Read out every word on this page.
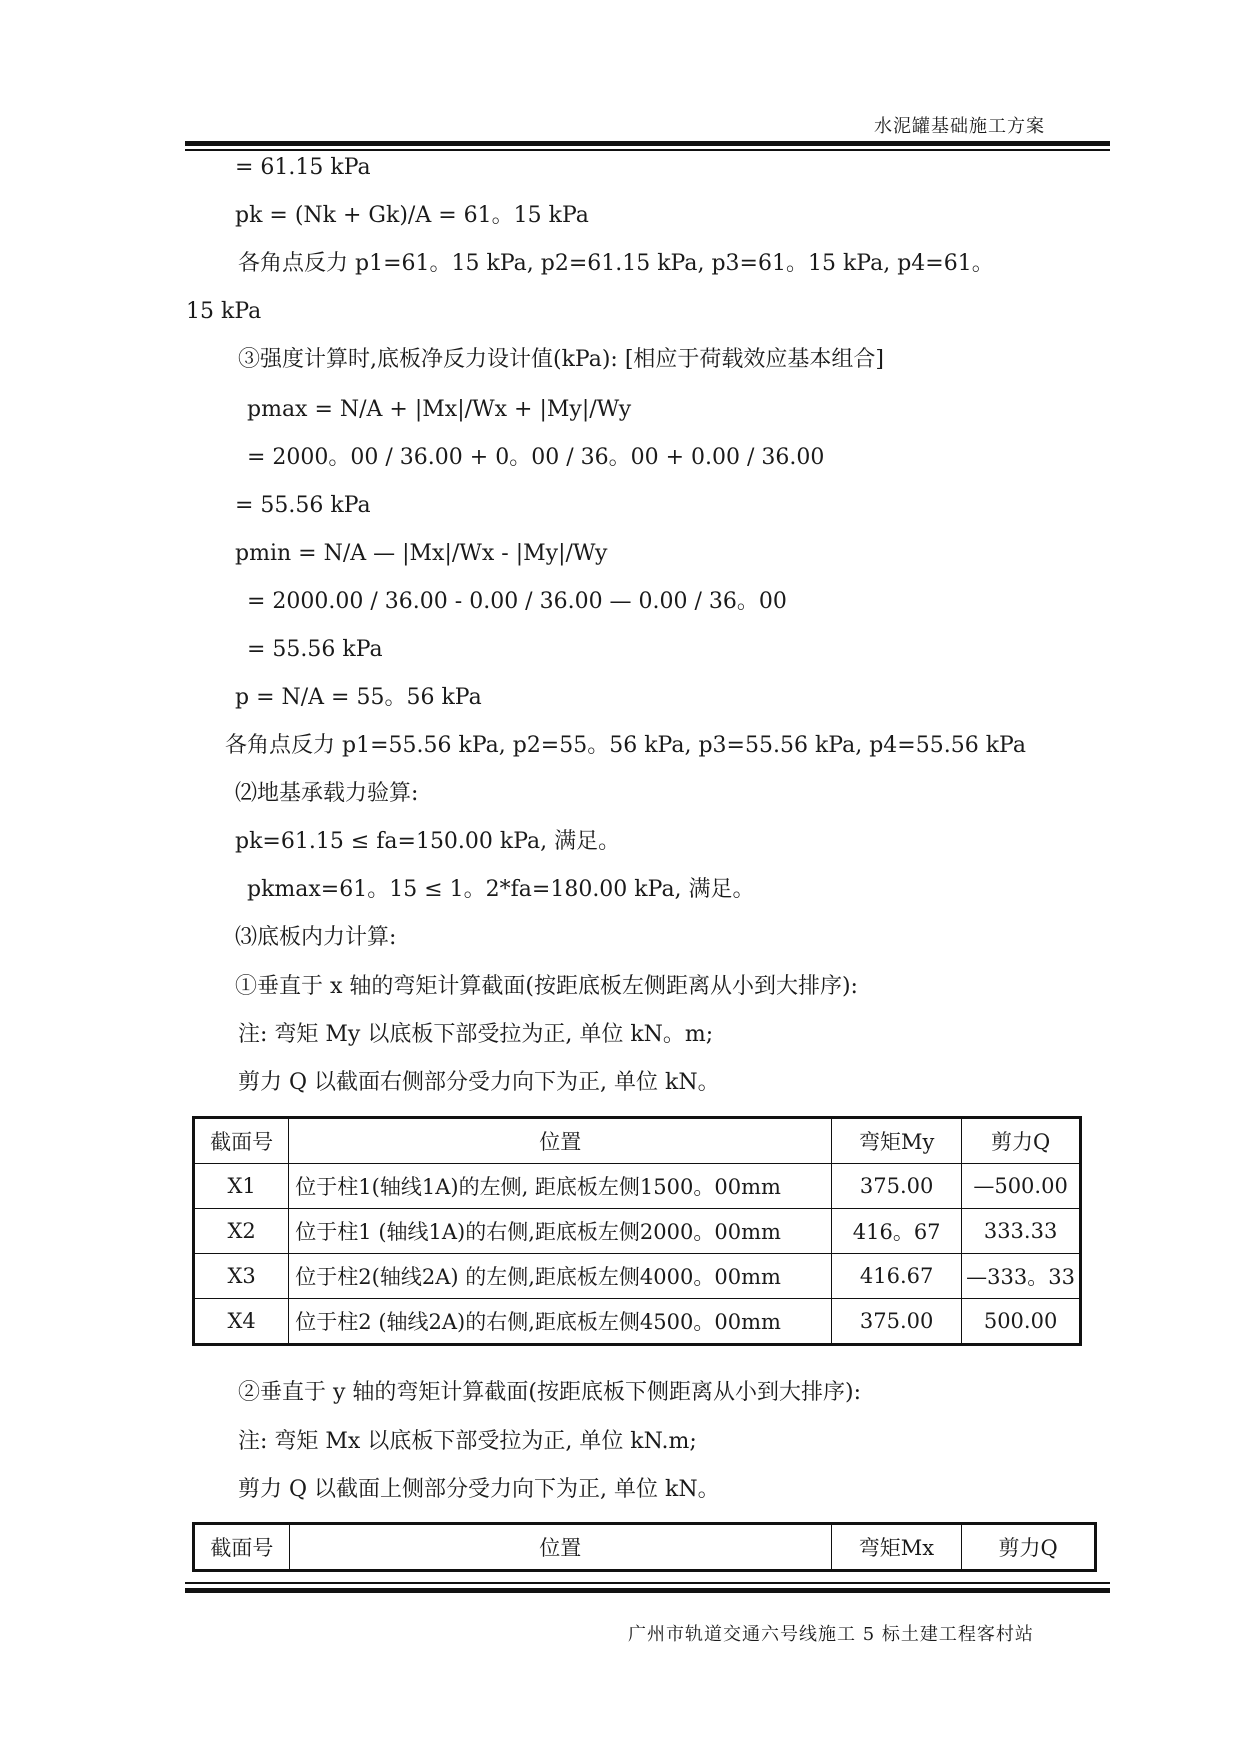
水泥罐基础施工方案
= 61.15 kPa
pk = (Nk + Gk)/A = 61。15 kPa
各角点反力 p1=61。15 kPa, p2=61.15 kPa, p3=61。15 kPa, p4=61。
15 kPa
③强度计算时,底板净反力设计值(kPa): [相应于荷载效应基本组合]
pmax = N/A + |Mx|/Wx + |My|/Wy
= 2000。00 / 36.00 + 0。00 / 36。00 + 0.00 / 36.00
= 55.56 kPa
pmin = N/A — |Mx|/Wx - |My|/Wy
= 2000.00 / 36.00 - 0.00 / 36.00 — 0.00 / 36。00
= 55.56 kPa
p = N/A = 55。56 kPa
各角点反力 p1=55.56 kPa, p2=55。56 kPa, p3=55.56 kPa, p4=55.56 kPa
⑵地基承载力验算:
pk=61.15 ≤ fa=150.00 kPa, 满足。
pkmax=61。15 ≤ 1。2*fa=180.00 kPa, 满足。
⑶底板内力计算:
①垂直于 x 轴的弯矩计算截面(按距底板左侧距离从小到大排序):
注: 弯矩 My 以底板下部受拉为正, 单位 kN。m;
剪力 Q 以截面右侧部分受力向下为正, 单位 kN。
截面号	位置	弯矩My	剪力Q
X1	位于柱1(轴线1A)的左侧, 距底板左侧1500。00mm	375.00	—500.00
X2	位于柱1 (轴线1A)的右侧,距底板左侧2000。00mm	416。67	333.33
X3	位于柱2(轴线2A) 的左侧,距底板左侧4000。00mm	416.67	—333。33
X4	位于柱2 (轴线2A)的右侧,距底板左侧4500。00mm	375.00	500.00
②垂直于 y 轴的弯矩计算截面(按距底板下侧距离从小到大排序):
注: 弯矩 Mx 以底板下部受拉为正, 单位 kN.m;
剪力 Q 以截面上侧部分受力向下为正, 单位 kN。
截面号	位置	弯矩Mx	剪力Q
广州市轨道交通六号线施工 5 标土建工程客村站
